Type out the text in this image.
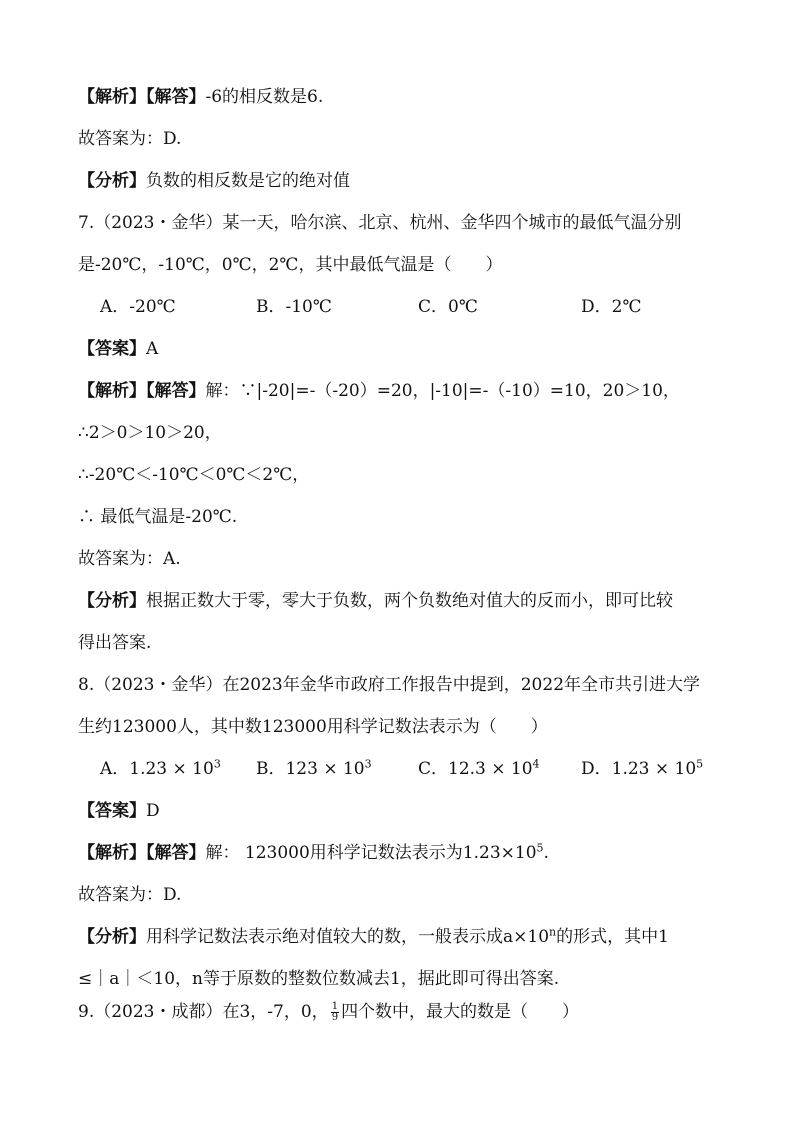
【解析】【解答】-6的相反数是6.
故答案为：D.
【分析】负数的相反数是它的绝对值
7.（2023・金华）某一天，哈尔滨、北京、杭州、金华四个城市的最低气温分别
是-20℃，-10℃，0℃，2℃，其中最低气温是（　　）
A．-20℃	B．-10℃	C．0℃	D．2℃
【答案】A
【解析】【解答】解：∵|-20|=-（-20）=20，|-10|=-（-10）=10，20＞10，
∴2＞0＞10＞20，
∴-20℃＜-10℃＜0℃＜2℃，
∴ 最低气温是-20℃.
故答案为：A.
【分析】根据正数大于零，零大于负数，两个负数绝对值大的反而小，即可比较
得出答案.
8.（2023・金华）在2023年金华市政府工作报告中提到，2022年全市共引进大学
生约123000人，其中数123000用科学记数法表示为（　　）
A．$1.23 \times 10^3$ B．$123 \times 10^3$	C．$12.3 \times 10^4$ D．$1.23 \times 10^5$
【答案】D
【解析】【解答】解： 123000用科学记数法表示为$1.23\times 10^5$.
故答案为：D.
【分析】用科学记数法表示绝对值较大的数，一般表示成$a\times 10^n$的形式，其中1
≤｜a｜＜10，n等于原数的整数位数减去1，据此即可得出答案.
9.（2023・成都）在3，-7，0， $\frac{1}{9}$ 四个数中，最大的数是（　　）
